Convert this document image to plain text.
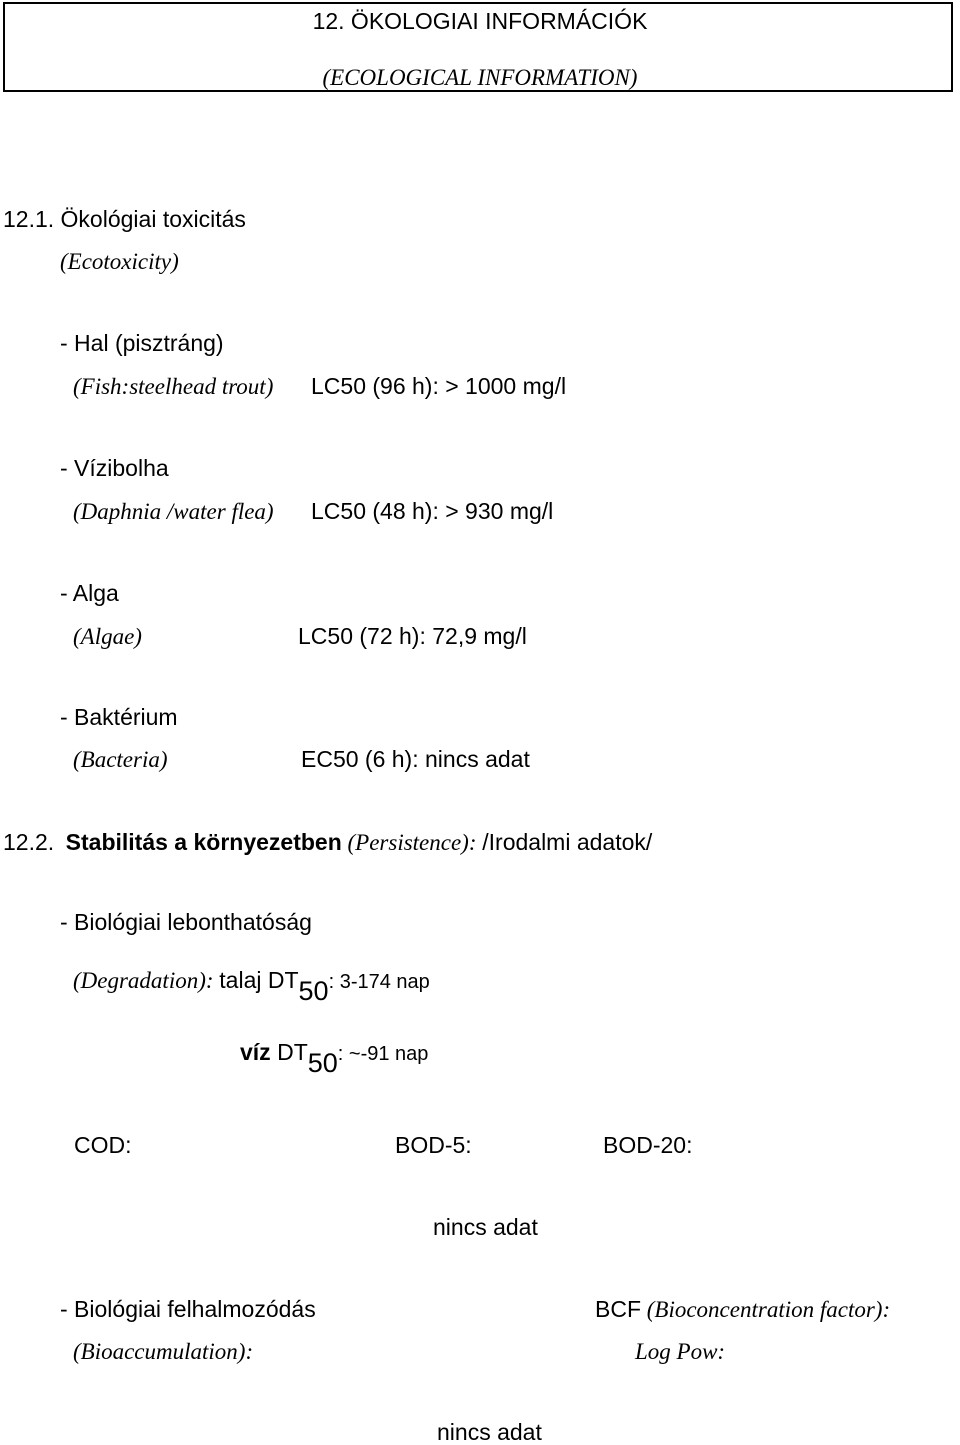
12. ÖKOLOGIAI INFORMÁCIÓK
(ECOLOGICAL INFORMATION)
12.1. Ökológiai toxicitás
(Ecotoxicity)
- Hal (pisztráng)
(Fish:steelhead trout) LC50 (96 h): > 1000 mg/l
- Vízibolha
(Daphnia /water flea) LC50 (48 h): > 930 mg/l
- Alga
(Algae)	LC50 (72 h): 72,9 mg/l
- Baktérium
(Bacteria)	EC50 (6 h): nincs adat
12.2. Stabilitás a környezetben (Persistence): /Irodalmi adatok/
- Biológiai lebonthatóság
(Degradation): talaj DT50: 3-174 nap
víz DT50: ~-91 nap
COD:	BOD-5:	BOD-20:
nincs adat
- Biológiai felhalmozódás	BCF (Bioconcentration factor):
(Bioaccumulation):	Log Pow:
nincs adat
